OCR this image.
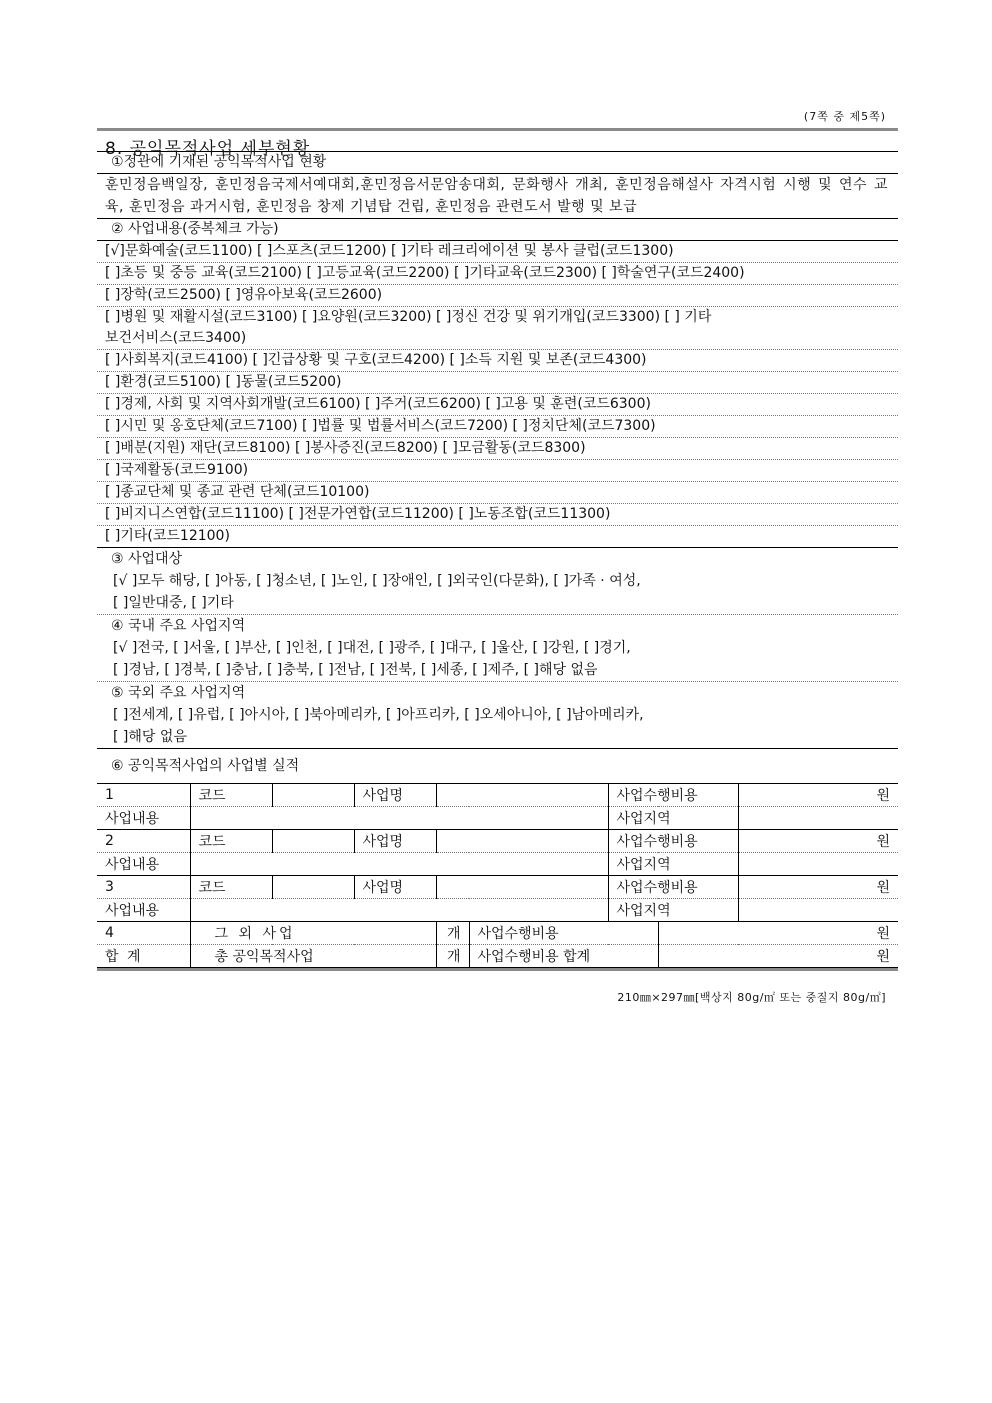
(7쪽 중 제5쪽)
8. 공익목적사업 세부현황
①정관에 기재된 공익목적사업 현황
훈민정음백일장, 훈민정음국제서예대회,훈민정음서문암송대회, 문화행사 개최, 훈민정음해설사 자격시험 시행 및 연수 교육, 훈민정음 과거시험, 훈민정음 창제 기념탑 건립, 훈민정음 관련도서 발행 및 보급
② 사업내용(중복체크 가능)
[√]문화예술(코드1100) [ ]스포츠(코드1200) [ ]기타 레크리에이션 및 봉사 클럽(코드1300)
[ ]초등 및 중등 교육(코드2100) [ ]고등교육(코드2200) [ ]기타교육(코드2300) [ ]학술연구(코드2400)
[ ]장학(코드2500) [ ]영유아보육(코드2600)
[ ]병원 및 재활시설(코드3100) [ ]요양원(코드3200) [ ]정신 건강 및 위기개입(코드3300) [ ] 기타
보건서비스(코드3400)
[ ]사회복지(코드4100) [ ]긴급상황 및 구호(코드4200) [ ]소득 지원 및 보존(코드4300)
[ ]환경(코드5100) [ ]동물(코드5200)
[ ]경제, 사회 및 지역사회개발(코드6100) [ ]주거(코드6200) [ ]고용 및 훈련(코드6300)
[ ]시민 및 옹호단체(코드7100) [ ]법률 및 법률서비스(코드7200) [ ]정치단체(코드7300)
[ ]배분(지원) 재단(코드8100) [ ]봉사증진(코드8200) [ ]모금활동(코드8300)
[ ]국제활동(코드9100)
[ ]종교단체 및 종교 관련 단체(코드10100)
[ ]비지니스연합(코드11100) [ ]전문가연합(코드11200) [ ]노동조합(코드11300)
[ ]기타(코드12100)
③ 사업대상
[√ ]모두 해당, [ ]아동, [ ]청소년, [ ]노인, [ ]장애인, [ ]외국인(다문화), [ ]가족 · 여성,
[ ]일반대중, [ ]기타
④ 국내 주요 사업지역
[√ ]전국, [ ]서울, [ ]부산, [ ]인천, [ ]대전, [ ]광주, [ ]대구, [ ]울산, [ ]강원, [ ]경기,
[ ]경남, [ ]경북, [ ]충남, [ ]충북, [ ]전남, [ ]전북, [ ]세종, [ ]제주, [ ]해당 없음
⑤ 국외 주요 사업지역
[ ]전세계, [ ]유럽, [ ]아시아, [ ]북아메리카, [ ]아프리카, [ ]오세아니아, [ ]남아메리카,
[ ]해당 없음
⑥ 공익목적사업의 사업별 실적
1	코드		사업명			사업수행비용		원
사업내용						사업지역		
2	코드		사업명			사업수행비용		원
사업내용						사업지역		
3	코드		사업명			사업수행비용		원
사업내용						사업지역		
4	그 외 사업			개	사업수행비용		원	
합 계	총 공익목적사업			개	사업수행비용 합계		원	
210㎜×297㎜[백상지 80g/㎡ 또는 중질지 80g/㎡]
